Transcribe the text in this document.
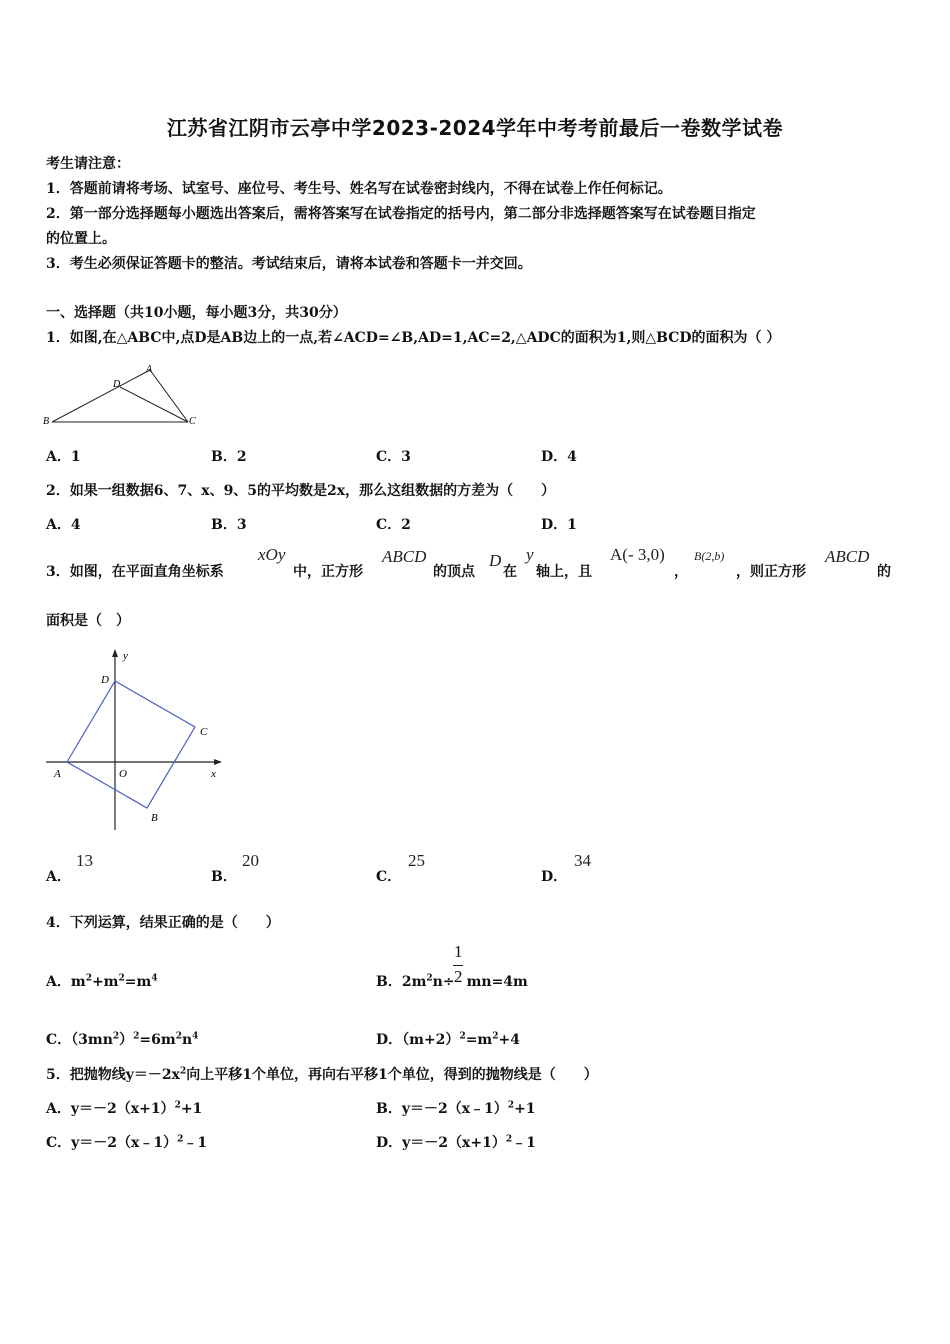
江苏省江阴市云亭中学2023-2024学年中考考前最后一卷数学试卷
考生请注意：
1．答题前请将考场、试室号、座位号、考生号、姓名写在试卷密封线内，不得在试卷上作任何标记。
2．第一部分选择题每小题选出答案后，需将答案写在试卷指定的括号内，第二部分非选择题答案写在试卷题目指定
的位置上。
3．考生必须保证答题卡的整洁。考试结束后，请将本试卷和答题卡一并交回。
一、选择题（共10小题，每小题3分，共30分）
1．如图,在△ABC中,点D是AB边上的一点,若∠ACD=∠B,AD=1,AC=2,△ADC的面积为1,则△BCD的面积为（ ）
A
B	C
D
A．1	B．2	C．3	D．4
2．如果一组数据6、7、x、9、5的平均数是2x，那么这组数据的方差为（　　）
A．4	B．3	C．2	D．1
3．如图，在平面直角坐标系
xOy
中，正方形
ABCD
的顶点
D
在
y
轴上，且
A(- 3,0)
，
B(2,b)
，则正方形
ABCD
的
面积是（　）
y
x
O
A
B
C
D
A．
13
B．
20
C．
25
D．
34
4．下列运算，结果正确的是（　　）
A．$m^2+m^2=m^4$	B．$2m^2n\div mn=4m$
1
2
C．$(3mn^2)^2=6m^2n^4$	D．$(m+2)^2=m^2+4$
5．把抛物线$y=-2x^2$向上平移1个单位，再向右平移1个单位，得到的抛物线是（　　）
A．$y=-2(x+1)^2+1$	B．y＝－2（x﹣1）$^2$+1
C．y＝－2（x﹣1）$^2$﹣1	D．$y=-2(x+1)^2﹣1$
